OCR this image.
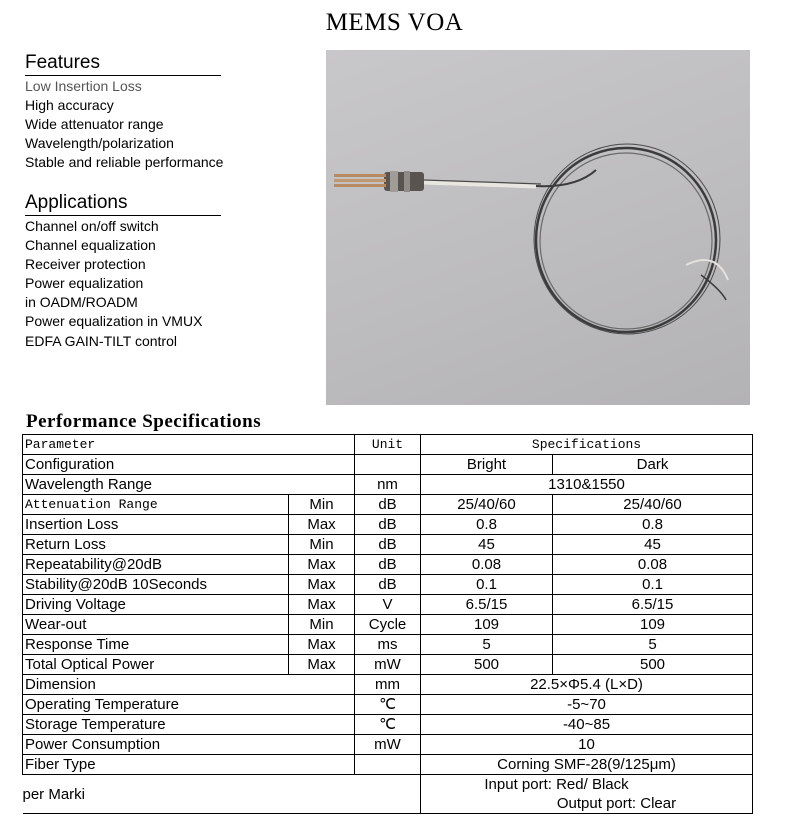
MEMS VOA
Features
Low Insertion Loss
High accuracy
Wide attenuator range
Wavelength/polarization
Stable and reliable performance
Applications
Channel on/off switch
Channel equalization
Receiver protection
Power equalization
in OADM/ROADM
Power equalization in VMUX
EDFA GAIN-TILT control
Performance Specifications
Parameter		Unit	Specifications	
Configuration			Bright	Dark
Wavelength Range		nm	1310&1550	
Attenuation Range	Min	dB	25/40/60	25/40/60
Insertion Loss	Max	dB	0.8	0.8
Return Loss	Min	dB	45	45
Repeatability@20dB	Max	dB	0.08	0.08
Stability@20dB 10Seconds	Max	dB	0.1	0.1
Driving Voltage	Max	V	6.5/15	6.5/15
Wear-out	Min	Cycle	109	109
Response Time	Max	ms	5	5
Total Optical Power	Max	mW	500	500
Dimension		mm	22.5×Φ5.4 (L×D)	
Operating Temperature		℃	-5~70	
Storage Temperature		℃	-40~85	
Power Consumption		mW	10	
Fiber Type			Corning SMF-28(9/125μm)	
per Marki			Input port: Red/ Black
Output port: Clear	
